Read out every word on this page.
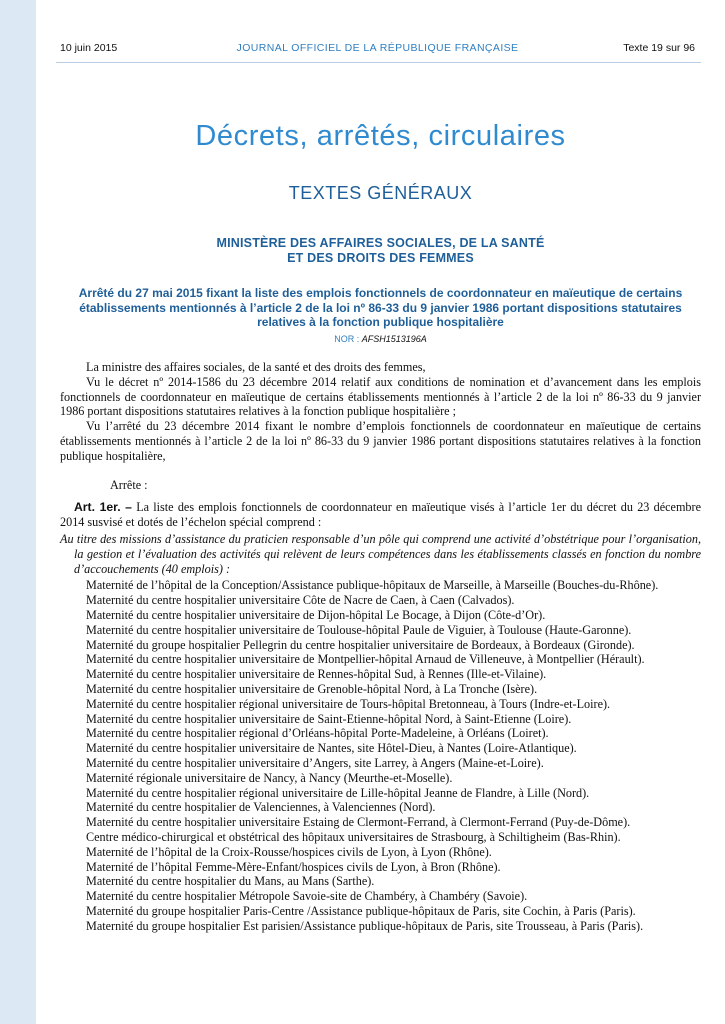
10 juin 2015	JOURNAL OFFICIEL DE LA RÉPUBLIQUE FRANÇAISE	Texte 19 sur 96
Décrets, arrêtés, circulaires
TEXTES GÉNÉRAUX
MINISTÈRE DES AFFAIRES SOCIALES, DE LA SANTÉ
ET DES DROITS DES FEMMES
Arrêté du 27 mai 2015 fixant la liste des emplois fonctionnels de coordonnateur en maïeutique de certains établissements mentionnés à l’article 2 de la loi nº 86-33 du 9 janvier 1986 portant dispositions statutaires relatives à la fonction publique hospitalière
NOR : AFSH1513196A

La ministre des affaires sociales, de la santé et des droits des femmes,

Vu le décret nº 2014-1586 du 23 décembre 2014 relatif aux conditions de nomination et d’avancement dans les emplois fonctionnels de coordonnateur en maïeutique de certains établissements mentionnés à l’article 2 de la loi nº 86-33 du 9 janvier 1986 portant dispositions statutaires relatives à la fonction publique hospitalière ;

Vu l’arrêté du 23 décembre 2014 fixant le nombre d’emplois fonctionnels de coordonnateur en maïeutique de certains établissements mentionnés à l’article 2 de la loi nº 86-33 du 9 janvier 1986 portant dispositions statutaires relatives à la fonction publique hospitalière,

Arrête :

Art. 1er. – La liste des emplois fonctionnels de coordonnateur en maïeutique visés à l’article 1er du décret du 23 décembre 2014 susvisé et dotés de l’échelon spécial comprend :

Au titre des missions d’assistance du praticien responsable d’un pôle qui comprend une activité d’obstétrique pour l’organisation, la gestion et l’évaluation des activités qui relèvent de leurs compétences dans les établissements classés en fonction du nombre d’accouchements (40 emplois) :

Maternité de l’hôpital de la Conception/Assistance publique-hôpitaux de Marseille, à Marseille (Bouches-du-Rhône).

Maternité du centre hospitalier universitaire Côte de Nacre de Caen, à Caen (Calvados).

Maternité du centre hospitalier universitaire de Dijon-hôpital Le Bocage, à Dijon (Côte-d’Or).

Maternité du centre hospitalier universitaire de Toulouse-hôpital Paule de Viguier, à Toulouse (Haute-Garonne).

Maternité du groupe hospitalier Pellegrin du centre hospitalier universitaire de Bordeaux, à Bordeaux (Gironde).

Maternité du centre hospitalier universitaire de Montpellier-hôpital Arnaud de Villeneuve, à Montpellier (Hérault).

Maternité du centre hospitalier universitaire de Rennes-hôpital Sud, à Rennes (Ille-et-Vilaine).

Maternité du centre hospitalier universitaire de Grenoble-hôpital Nord, à La Tronche (Isère).

Maternité du centre hospitalier régional universitaire de Tours-hôpital Bretonneau, à Tours (Indre-et-Loire).

Maternité du centre hospitalier universitaire de Saint-Etienne-hôpital Nord, à Saint-Etienne (Loire).

Maternité du centre hospitalier régional d’Orléans-hôpital Porte-Madeleine, à Orléans (Loiret).

Maternité du centre hospitalier universitaire de Nantes, site Hôtel-Dieu, à Nantes (Loire-Atlantique).

Maternité du centre hospitalier universitaire d’Angers, site Larrey, à Angers (Maine-et-Loire).

Maternité régionale universitaire de Nancy, à Nancy (Meurthe-et-Moselle).

Maternité du centre hospitalier régional universitaire de Lille-hôpital Jeanne de Flandre, à Lille (Nord).

Maternité du centre hospitalier de Valenciennes, à Valenciennes (Nord).

Maternité du centre hospitalier universitaire Estaing de Clermont-Ferrand, à Clermont-Ferrand (Puy-de-Dôme).

Centre médico-chirurgical et obstétrical des hôpitaux universitaires de Strasbourg, à Schiltigheim (Bas-Rhin).

Maternité de l’hôpital de la Croix-Rousse/hospices civils de Lyon, à Lyon (Rhône).

Maternité de l’hôpital Femme-Mère-Enfant/hospices civils de Lyon, à Bron (Rhône).

Maternité du centre hospitalier du Mans, au Mans (Sarthe).

Maternité du centre hospitalier Métropole Savoie-site de Chambéry, à Chambéry (Savoie).

Maternité du groupe hospitalier Paris-Centre /Assistance publique-hôpitaux de Paris, site Cochin, à Paris (Paris).

Maternité du groupe hospitalier Est parisien/Assistance publique-hôpitaux de Paris, site Trousseau, à Paris (Paris).
